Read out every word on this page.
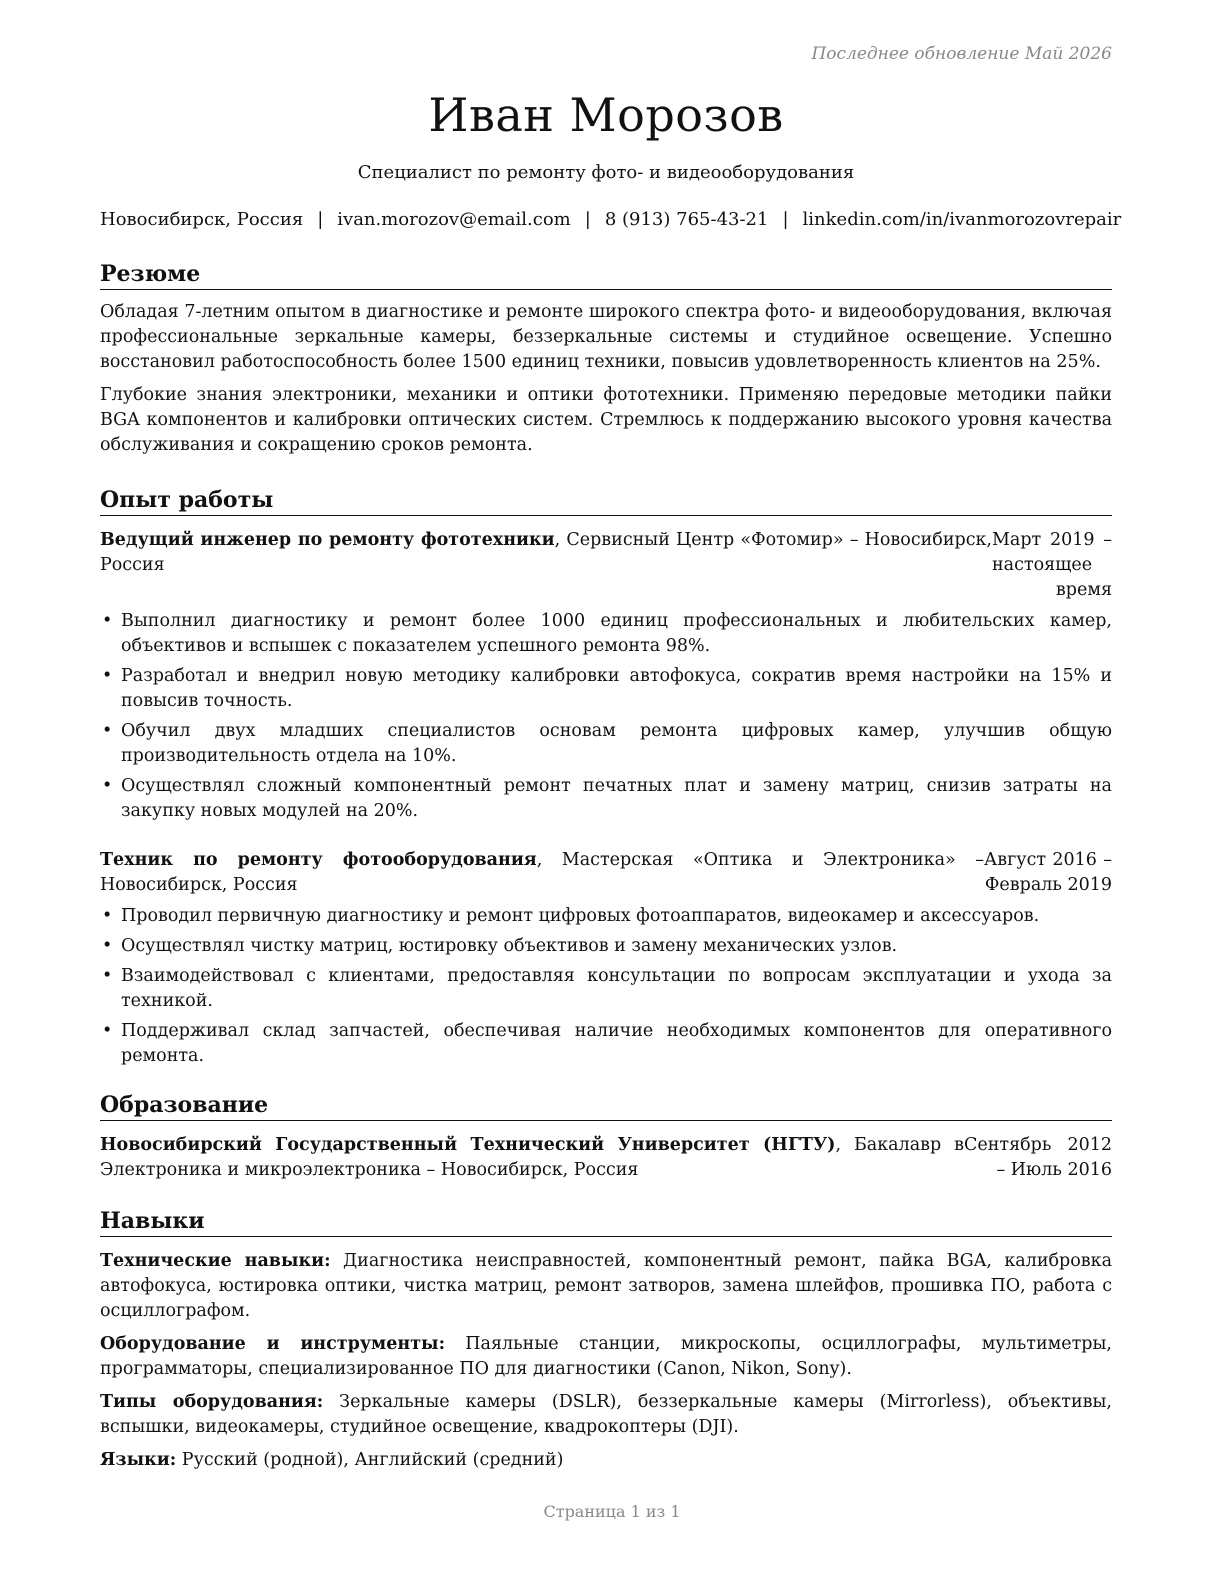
Последнее обновление Май 2026
Иван Морозов
Специалист по ремонту фото- и видеооборудования
Новосибирск, Россия | ivan.morozov@email.com | 8 (913) 765-43-21 | linkedin.com/in/ivanmorozovrepair
Резюме

Обладая 7-летним опытом в диагностике и ремонте широкого спектра фото- и видеооборудования, включая профессиональные зеркальные камеры, беззеркальные системы и студийное освещение. Успешно восстановил работоспособность более 1500 единиц техники, повысив удовлетворенность клиентов на 25%.

Глубокие знания электроники, механики и оптики фототехники. Применяю передовые методики пайки BGA компонентов и калибровки оптических систем. Стремлюсь к поддержанию высокого уровня качества обслуживания и сокращению сроков ремонта.

Опыт работы
Ведущий инженер по ремонту фототехники, Сервисный Центр «Фотомир» – Новосибирск, Россия
Март 2019 – настоящее время
• Выполнил диагностику и ремонт более 1000 единиц профессиональных и любительских камер, объективов и вспышек с показателем успешного ремонта 98%.
• Разработал и внедрил новую методику калибровки автофокуса, сократив время настройки на 15% и повысив точность.
• Обучил двух младших специалистов основам ремонта цифровых камер, улучшив общую производительность отдела на 10%.
• Осуществлял сложный компонентный ремонт печатных плат и замену матриц, снизив затраты на закупку новых модулей на 20%.
Техник по ремонту фотооборудования, Мастерская «Оптика и Электроника» – Новосибирск, Россия
Август 2016 – Февраль 2019
• Проводил первичную диагностику и ремонт цифровых фотоаппаратов, видеокамер и аксессуаров.
• Осуществлял чистку матриц, юстировку объективов и замену механических узлов.
• Взаимодействовал с клиентами, предоставляя консультации по вопросам эксплуатации и ухода за техникой.
• Поддерживал склад запчастей, обеспечивая наличие необходимых компонентов для оперативного ремонта.
Образование
Новосибирский Государственный Технический Университет (НГТУ), Бакалавр в Электроника и микроэлектроника – Новосибирск, Россия
Сентябрь 2012 – Июль 2016
Навыки

Технические навыки: Диагностика неисправностей, компонентный ремонт, пайка BGA, калибровка автофокуса, юстировка оптики, чистка матриц, ремонт затворов, замена шлейфов, прошивка ПО, работа с осциллографом.

Оборудование и инструменты: Паяльные станции, микроскопы, осциллографы, мультиметры, программаторы, специализированное ПО для диагностики (Canon, Nikon, Sony).

Типы оборудования: Зеркальные камеры (DSLR), беззеркальные камеры (Mirrorless), объективы, вспышки, видеокамеры, студийное освещение, квадрокоптеры (DJI).

Языки: Русский (родной), Английский (средний)

Страница 1 из 1
